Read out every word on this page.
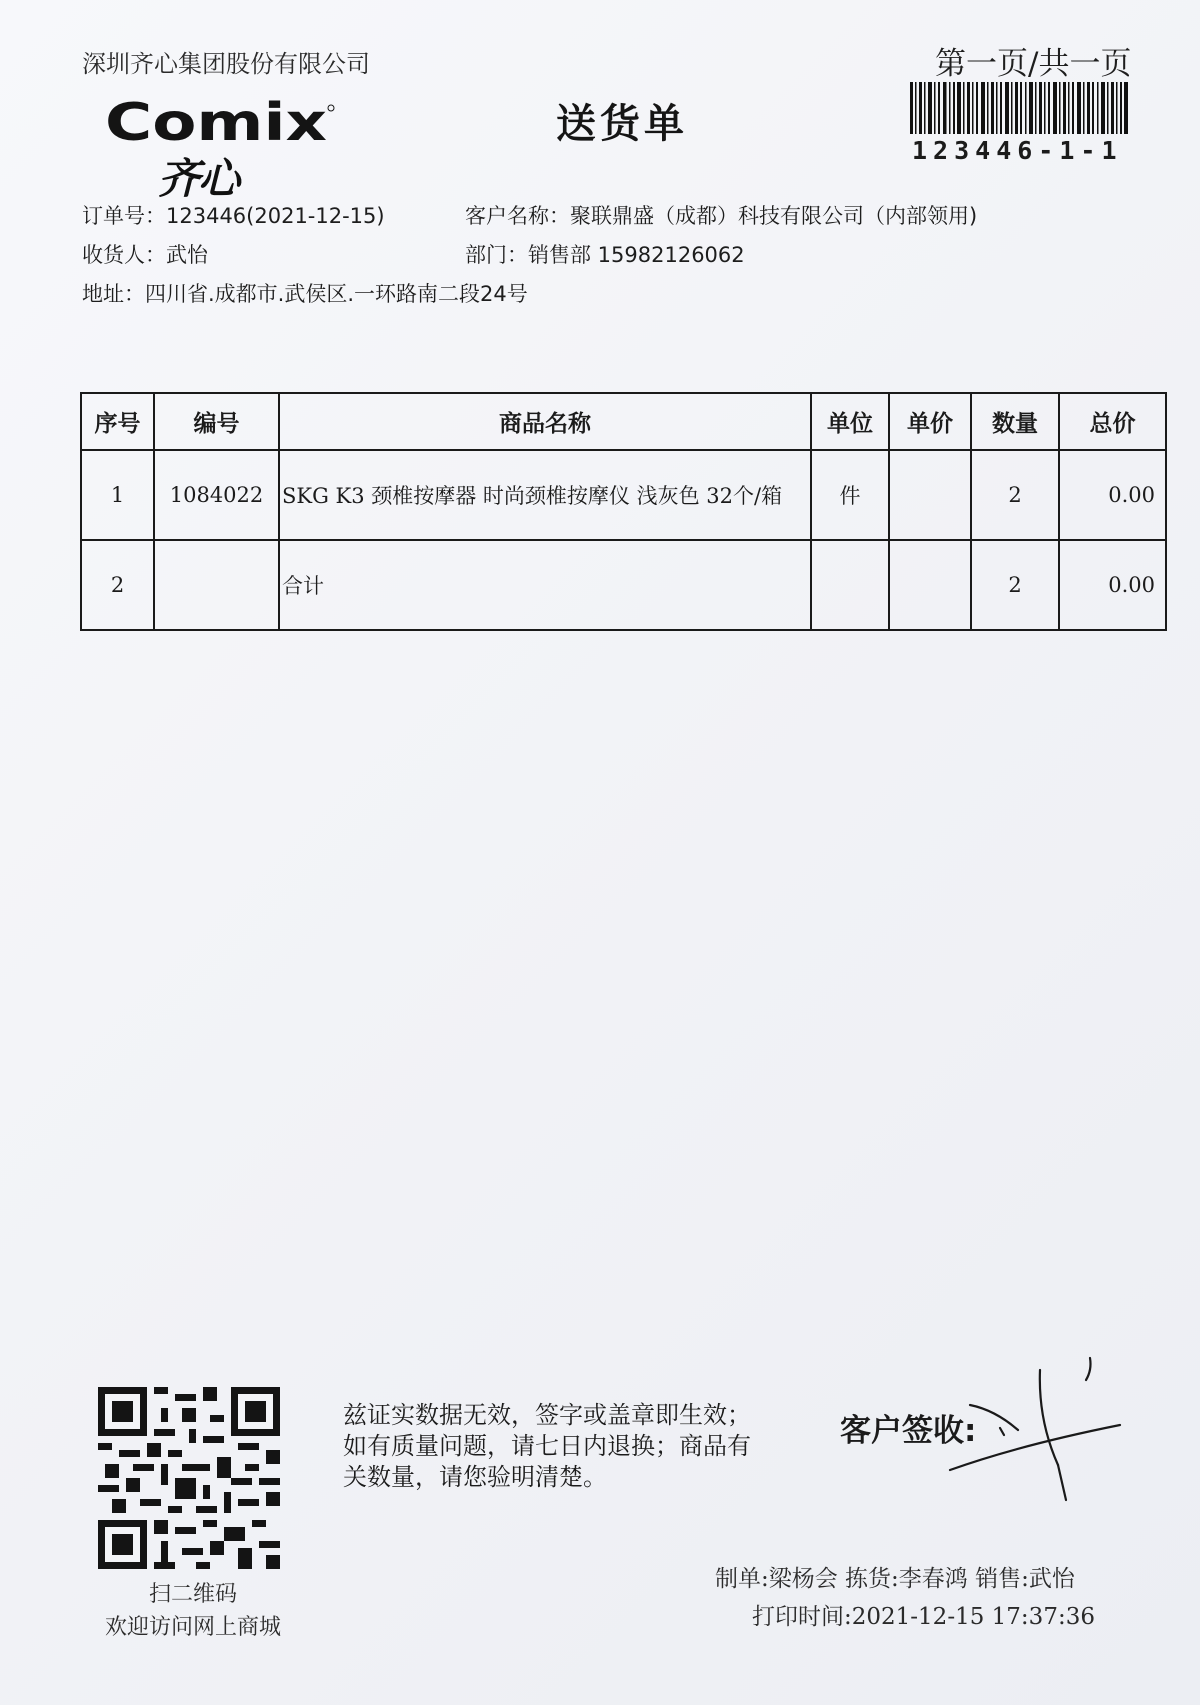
深圳齐心集团股份有限公司	第一页/共一页
123446-1-1
Comix
齐心
送货单
订单号：123446(2021-12-15)	客户名称：聚联鼎盛（成都）科技有限公司（内部领用)
收货人：武怡	部门：销售部 15982126062
地址：四川省.成都市.武侯区.一环路南二段24号
序号	编号	商品名称	单位	单价	数量	总价
1	1084022	SKG K3 颈椎按摩器 时尚颈椎按摩仪 浅灰色 32个/箱	件		2	0.00
2		合计			2	0.00
扫二维码
欢迎访问网上商城
兹证实数据无效，签字或盖章即生效；如有质量问题，请七日内退换；商品有关数量，请您验明清楚。
客户签收:
制单:梁杨会 拣货:李春鸿 销售:武怡
打印时间:2021-12-15 17:37:36
